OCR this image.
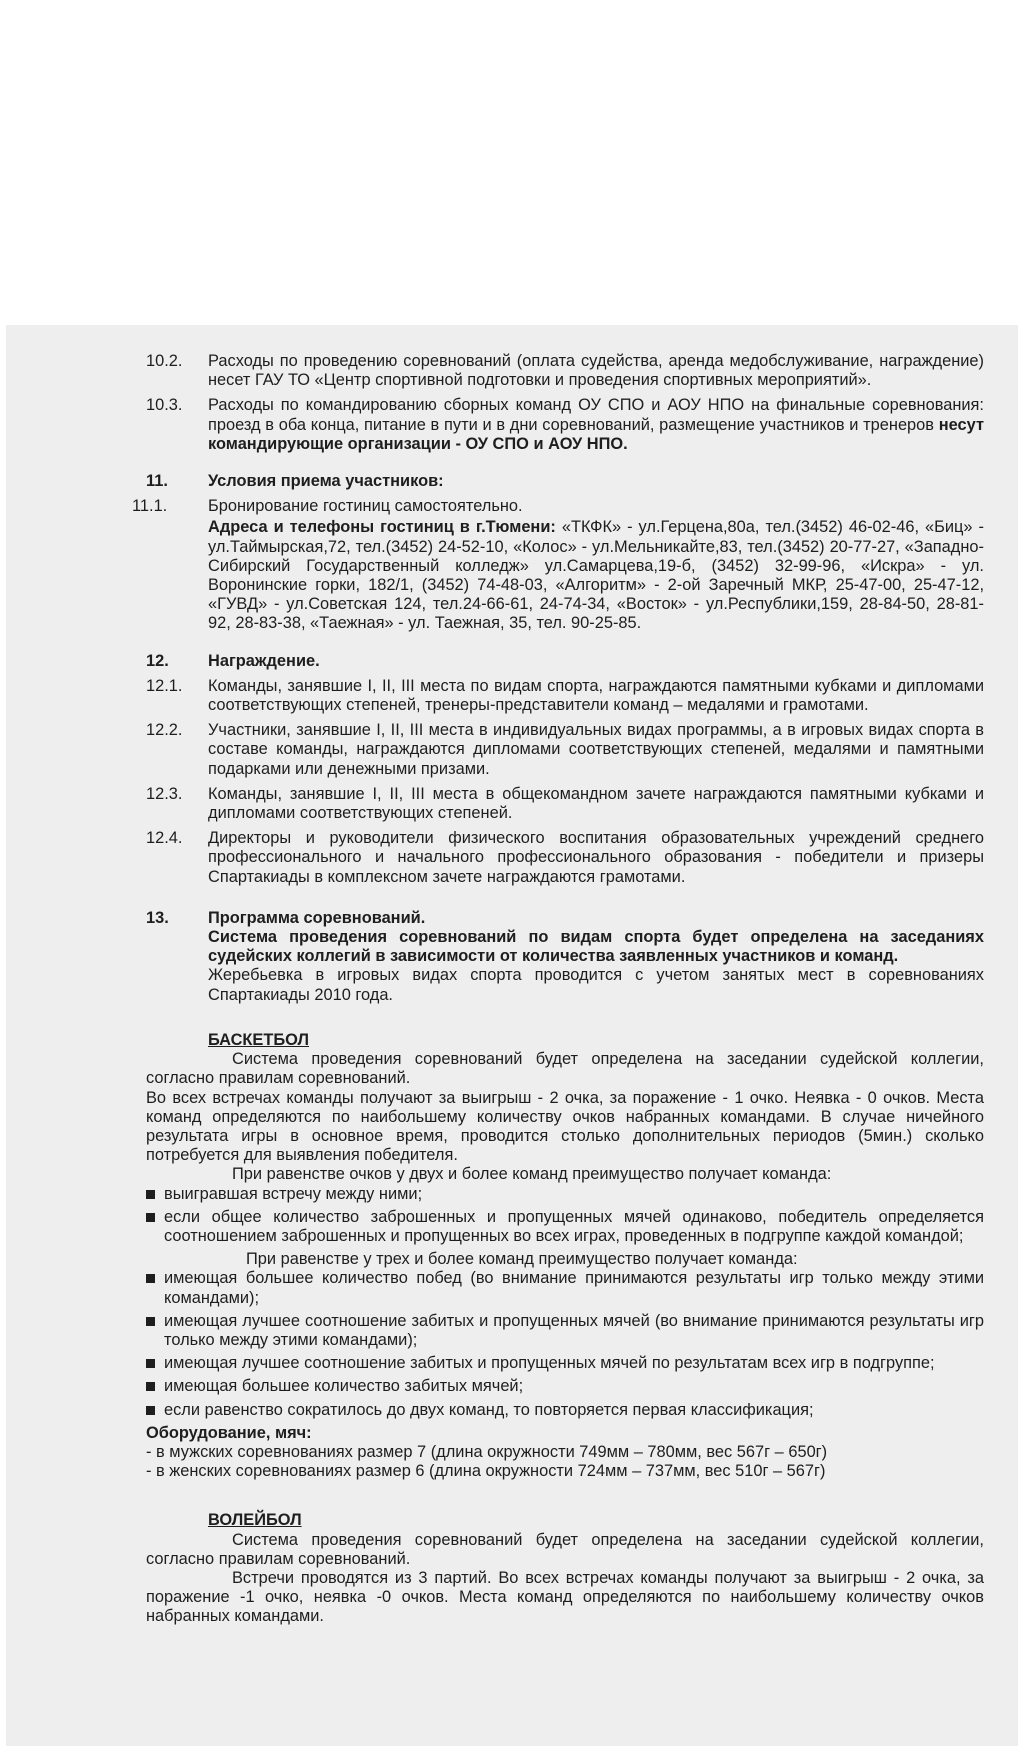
10.2.	Расходы по проведению соревнований (оплата судейства, аренда медобслуживание, награждение) несет ГАУ ТО «Центр спортивной подготовки и проведения спортивных мероприятий».
10.3.	Расходы по командированию сборных команд ОУ СПО и АОУ НПО на финальные соревнования: проезд в оба конца, питание в пути и в дни соревнований, размещение участников и тренеров несут командирующие организации - ОУ СПО и АОУ НПО.
11.	Условия приема участников:
11.1.	Бронирование гостиниц самостоятельно.
Адреса и телефоны гостиниц в г.Тюмени: «ТКФК» - ул.Герцена,80а, тел.(3452) 46-02-46, «Биц» - ул.Таймырская,72, тел.(3452) 24-52-10, «Колос» - ул.Мельникайте,83, тел.(3452) 20-77-27, «Западно-Сибирский Государственный колледж» ул.Самарцева,19-б, (3452) 32-99-96, «Искра» - ул. Воронинские горки, 182/1, (3452) 74-48-03, «Алгоритм» - 2-ой Заречный МКР, 25-47-00, 25-47-12, «ГУВД» - ул.Советская 124, тел.24-66-61, 24-74-34, «Восток» - ул.Республики,159, 28-84-50, 28-81-92, 28-83-38, «Таежная» - ул. Таежная, 35, тел. 90-25-85.
12.	Награждение.
12.1.	Команды, занявшие I, II, III места по видам спорта, награждаются памятными кубками и дипломами соответствующих степеней, тренеры-представители команд – медалями и грамотами.
12.2.	Участники, занявшие I, II, III места в индивидуальных видах программы, а в игровых видах спорта в составе команды, награждаются дипломами соответствующих степеней, медалями и памятными подарками или денежными призами.
12.3.	Команды, занявшие I, II, III места в общекомандном зачете награждаются памятными кубками и дипломами соответствующих степеней.
12.4.	Директоры и руководители физического воспитания образовательных учреждений среднего профессионального и начального профессионального образования - победители и призеры Спартакиады в комплексном зачете награждаются грамотами.
13.	Программа соревнований.
Система проведения соревнований по видам спорта будет определена на заседаниях судейских коллегий в зависимости от количества заявленных участников и команд.
Жеребьевка в игровых видах спорта проводится с учетом занятых мест в соревнованиях Спартакиады 2010 года.
БАСКЕТБОЛ
Система проведения соревнований будет определена на заседании судейской коллегии, согласно правилам соревнований.
Во всех встречах команды получают за выигрыш - 2 очка, за поражение - 1 очко. Неявка - 0 очков. Места команд определяются по наибольшему количеству очков набранных командами. В случае ничейного результата игры в основное время, проводится столько дополнительных периодов (5мин.) сколько потребуется для выявления победителя.
При равенстве очков у двух и более команд преимущество получает команда:
выигравшая встречу между ними;
если общее количество заброшенных и пропущенных мячей одинаково, победитель определяется соотношением заброшенных и пропущенных во всех играх, проведенных в подгруппе каждой командой;
При равенстве у трех и более команд преимущество получает команда:
имеющая большее количество побед (во внимание принимаются результаты игр только между этими командами);
имеющая лучшее соотношение забитых и пропущенных мячей (во внимание принимаются результаты игр только между этими командами);
имеющая лучшее соотношение забитых и пропущенных мячей по результатам всех игр в подгруппе;
имеющая большее количество забитых мячей;
если равенство сократилось до двух команд, то повторяется первая классификация;
Оборудование, мяч:
- в мужских соревнованиях размер 7 (длина окружности 749мм – 780мм, вес 567г – 650г)
- в женских соревнованиях размер 6 (длина окружности 724мм – 737мм, вес 510г – 567г)
ВОЛЕЙБОЛ
Система проведения соревнований будет определена на заседании судейской коллегии, согласно правилам соревнований.
Встречи проводятся из 3 партий. Во всех встречах команды получают за выигрыш - 2 очка, за поражение -1 очко, неявка -0 очков. Места команд определяются по наибольшему количеству очков набранных командами.
